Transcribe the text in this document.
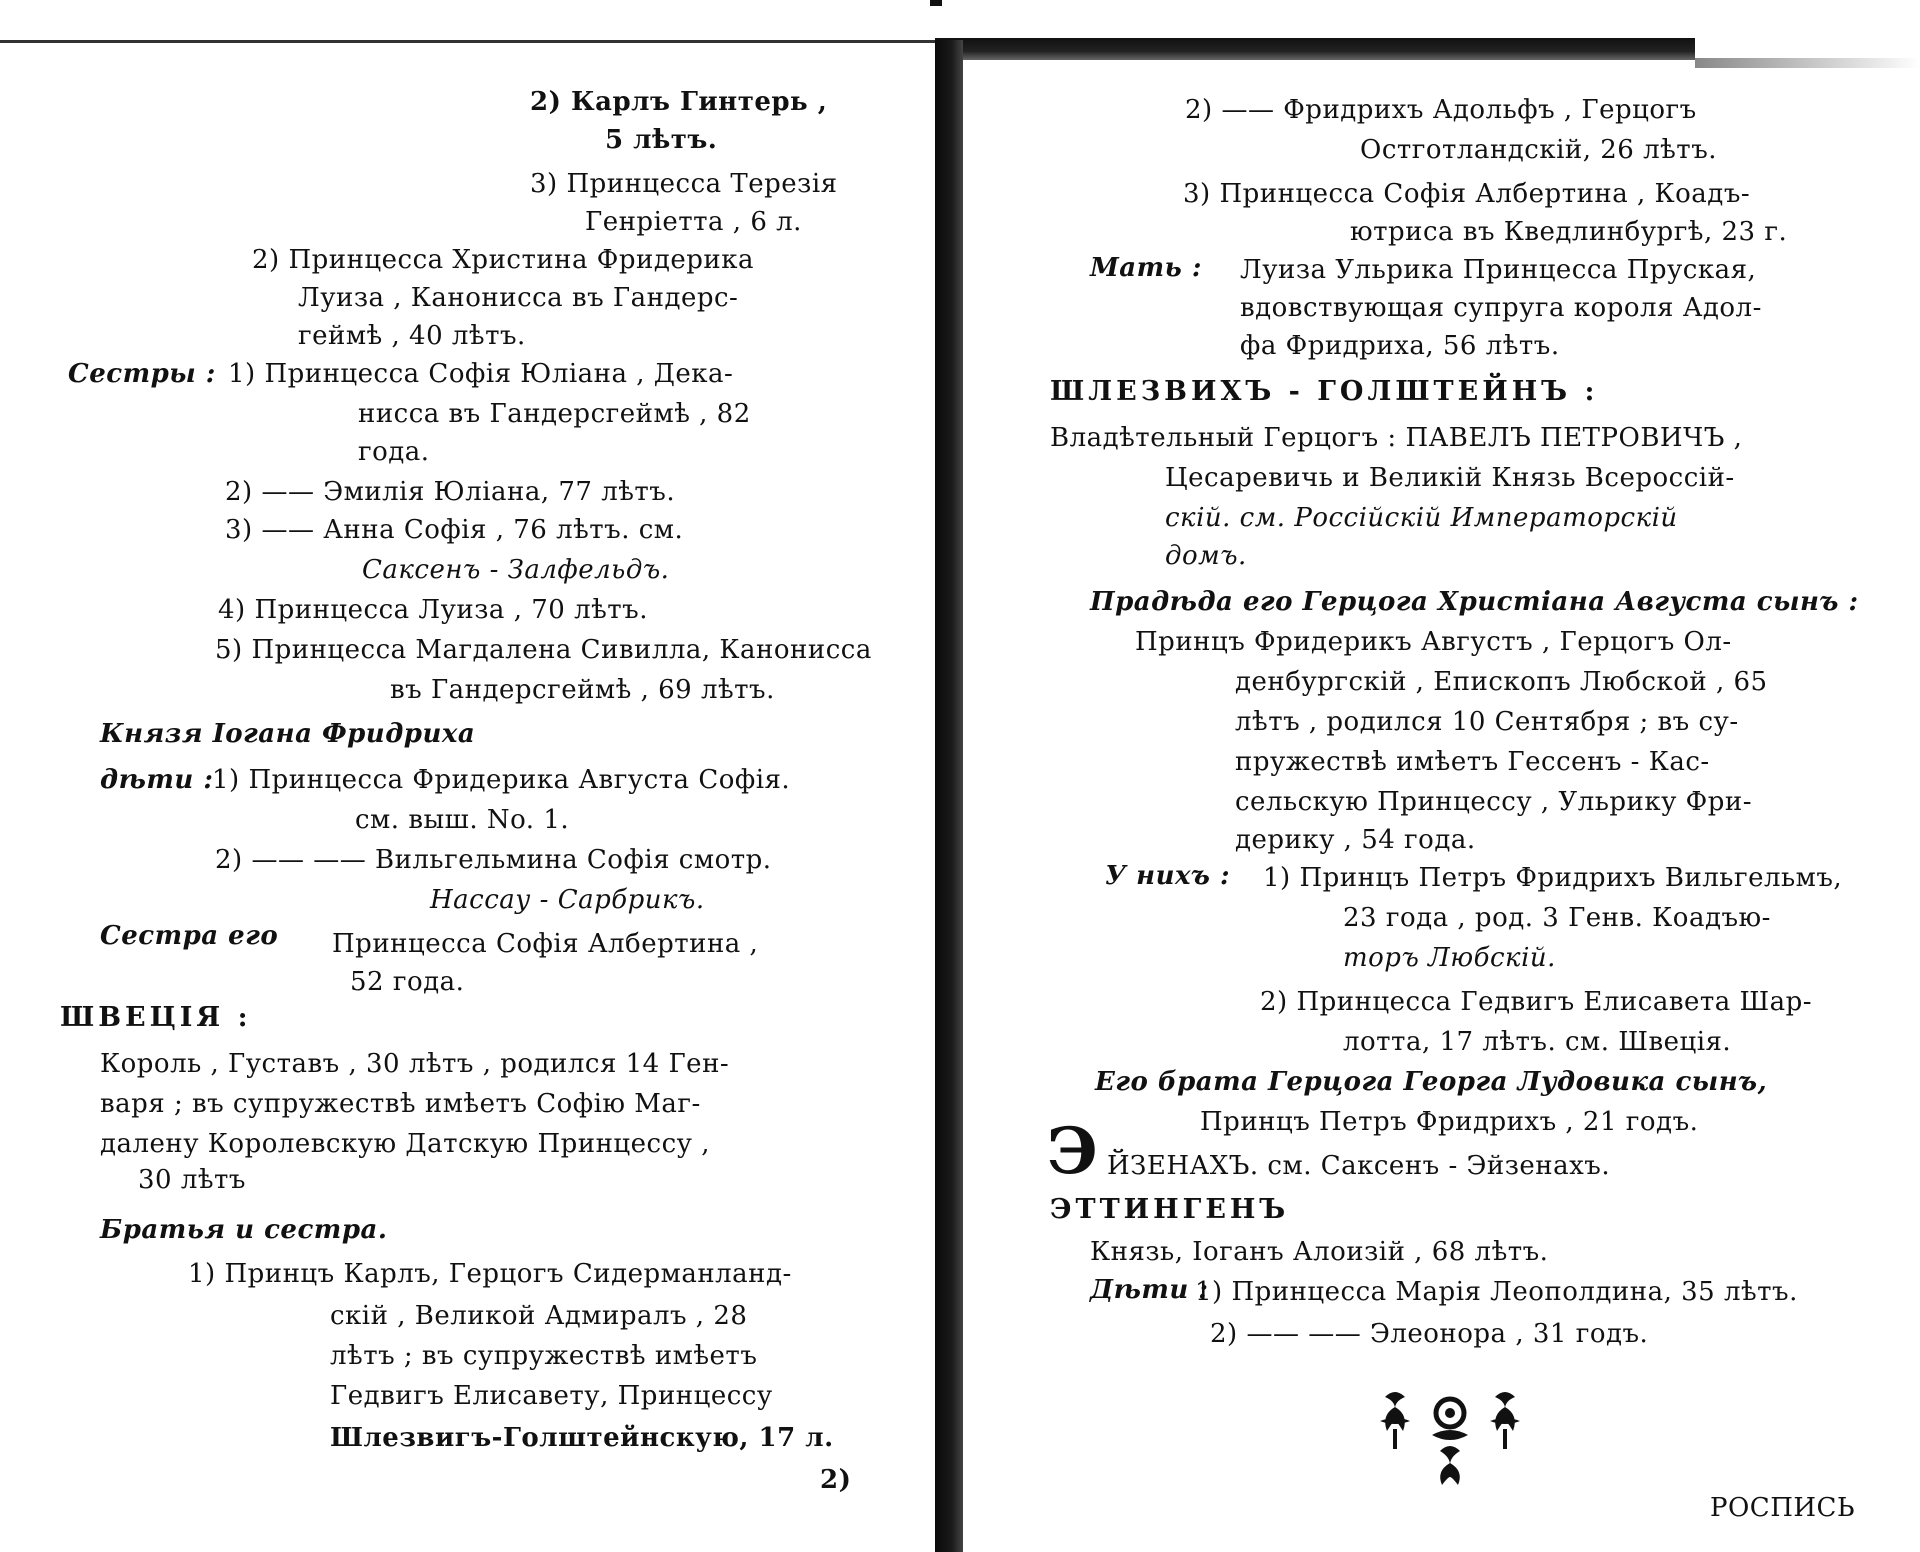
2) Карлъ Гинтерь ,
5 лѣтъ.
3) Принцесса Терезія
Генріетта , 6 л.
2) Принцесса Христина Фридерика
Луиза , Канонисса въ Гандерс-
геймѣ , 40 лѣтъ.
Сестры : 1) Принцесса Софія Юліана , Дека-
нисса въ Гандерсгеймѣ , 82
года.
2) —— Эмилія Юліана, 77 лѣтъ.
3) —— Анна Софія , 76 лѣтъ. см.
Саксенъ - Залфельдъ.
4) Принцесса Луиза , 70 лѣтъ.
5) Принцесса Магдалена Сивилла, Канонисса
въ Гандерсгеймѣ , 69 лѣтъ.
Князя Іогана Фридриха
дѣти :
1) Принцесса Фридерика Августа Софія.
см. выш. No. 1.
2) —— —— Вильгельмина Софія смотр.
Нассау - Сарбрикъ.
Сестра его Принцесса Софія Албертина ,
52 года.
ШВЕЦІЯ :
Король , Густавъ , 30 лѣтъ , родился 14 Ген-
варя ; въ супружествѣ имѣетъ Софію Маг-
далену Королевскую Датскую Принцессу ,
30 лѣтъ
Братья и сестра.
1) Принцъ Карлъ, Герцогъ Сидерманланд-
скій , Великой Адмиралъ , 28
лѣтъ ; въ супружествѣ имѣетъ
Гедвигъ Елисавету, Принцессу
Шлезвигъ-Голштейнскую, 17 л.
2)
2) —— Фридрихъ Адольфъ , Герцогъ
Остготландскій, 26 лѣтъ.
3) Принцесса Софія Албертина , Коадъ-
ютриса въ Кведлинбургѣ, 23 г.
Мать : Луиза Ульрика Принцесса Пруская,
вдовствующая супруга короля Адол-
фа Фридриха, 56 лѣтъ.
ШЛЕЗВИХЪ - ГОЛШТЕЙНЪ :
Владѣтельный Герцогъ : ПАВЕЛЪ ПЕТРОВИЧЪ ,
Цесаревичь и Великій Князь Всероссій-
скій. см. Россійскій Императорскій
домъ.
Прадѣда его Герцога Христіана Августа сынъ :
Принцъ Фридерикъ Августъ , Герцогъ Ол-
денбургскій , Епископъ Любской , 65
лѣтъ , родился 10 Сентября ; въ су-
пружествѣ имѣетъ Гессенъ - Кас-
сельскую Принцессу , Ульрику Фри-
дерику , 54 года.
У нихъ : 1) Принцъ Петръ Фридрихъ Вильгельмъ,
23 года , род. 3 Генв. Коадъю-
торъ Любскій.
2) Принцесса Гедвигъ Елисавета Шар-
лотта, 17 лѣтъ. см. Швеція.
Его брата Герцога Георга Лудовика сынъ,
Принцъ Петръ Фридрихъ , 21 годъ.
Э ЙЗЕНАХЪ. см. Саксенъ - Эйзенахъ.
ЭТТИНГЕНЪ
Князь, Іоганъ Алоизій , 68 лѣтъ.
Дѣти :
1) Принцесса Марія Леополдина, 35 лѣтъ.
2) —— —— Элеонора , 31 годъ.
РОСПИСЬ
